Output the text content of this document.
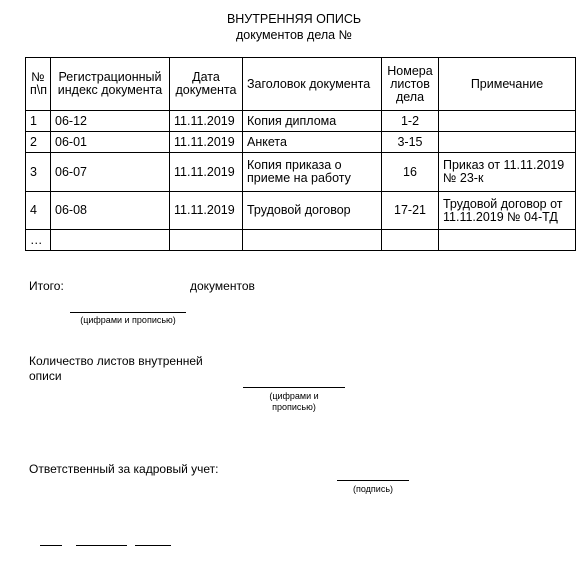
ВНУТРЕННЯЯ ОПИСЬ
документов дела №
№ п\п	Регистрационный индекс документа	Дата документа	Заголовок документа	Номера листов дела	Примечание
1	06-12	11.11.2019	Копия диплома	1-2	
2	06-01	11.11.2019	Анкета	3-15	
3	06-07	11.11.2019	Копия приказа о приеме на работу	16	Приказ от 11.11.2019 № 23-к
4	06-08	11.11.2019	Трудовой договор	17-21	Трудовой договор от 11.11.2019 № 04-ТД
…					
Итого:	документов
(цифрами и прописью)
Количество листов внутренней описи
(цифрами и прописью)
Ответственный за кадровый учет:
(подпись)
